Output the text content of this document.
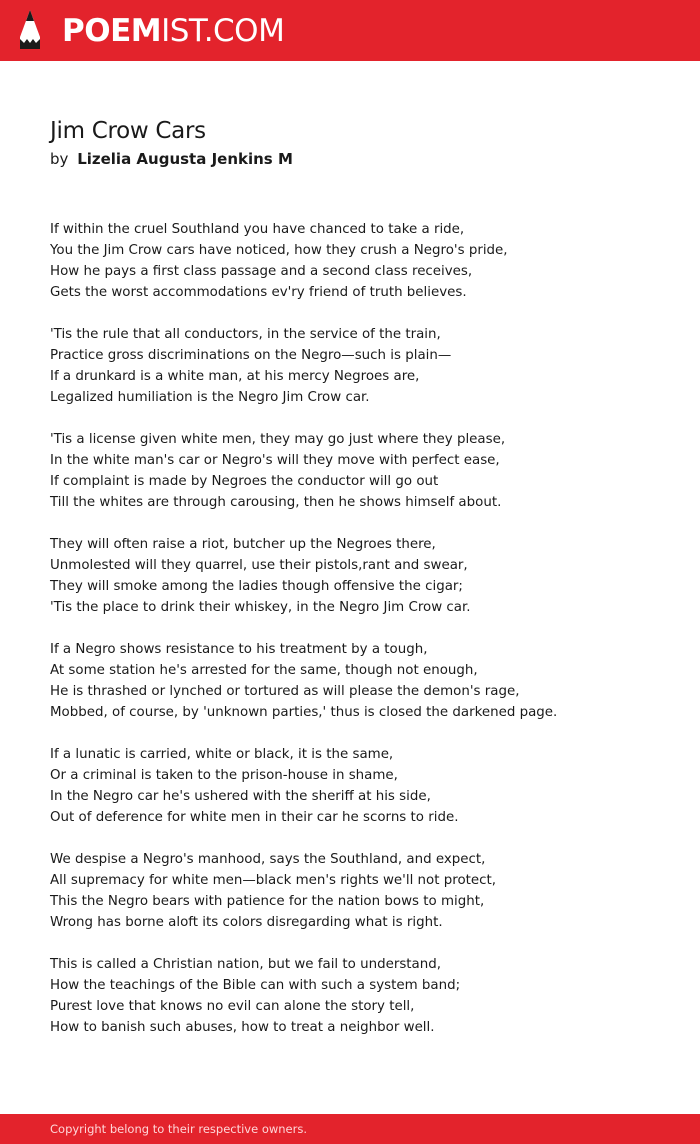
POEMIST.COM
Jim Crow Cars
by Lizelia Augusta Jenkins M
If within the cruel Southland you have chanced to take a ride,
You the Jim Crow cars have noticed, how they crush a Negro's pride,
How he pays a first class passage and a second class receives,
Gets the worst accommodations ev'ry friend of truth believes.
'Tis the rule that all conductors, in the service of the train,
Practice gross discriminations on the Negro—such is plain—
If a drunkard is a white man, at his mercy Negroes are,
Legalized humiliation is the Negro Jim Crow car.
'Tis a license given white men, they may go just where they please,
In the white man's car or Negro's will they move with perfect ease,
If complaint is made by Negroes the conductor will go out
Till the whites are through carousing, then he shows himself about.
They will often raise a riot, butcher up the Negroes there,
Unmolested will they quarrel, use their pistols,rant and swear,
They will smoke among the ladies though offensive the cigar;
'Tis the place to drink their whiskey, in the Negro Jim Crow car.
If a Negro shows resistance to his treatment by a tough,
At some station he's arrested for the same, though not enough,
He is thrashed or lynched or tortured as will please the demon's rage,
Mobbed, of course, by 'unknown parties,' thus is closed the darkened page.
If a lunatic is carried, white or black, it is the same,
Or a criminal is taken to the prison-house in shame,
In the Negro car he's ushered with the sheriff at his side,
Out of deference for white men in their car he scorns to ride.
We despise a Negro's manhood, says the Southland, and expect,
All supremacy for white men—black men's rights we'll not protect,
This the Negro bears with patience for the nation bows to might,
Wrong has borne aloft its colors disregarding what is right.
This is called a Christian nation, but we fail to understand,
How the teachings of the Bible can with such a system band;
Purest love that knows no evil can alone the story tell,
How to banish such abuses, how to treat a neighbor well.
Copyright belong to their respective owners.
